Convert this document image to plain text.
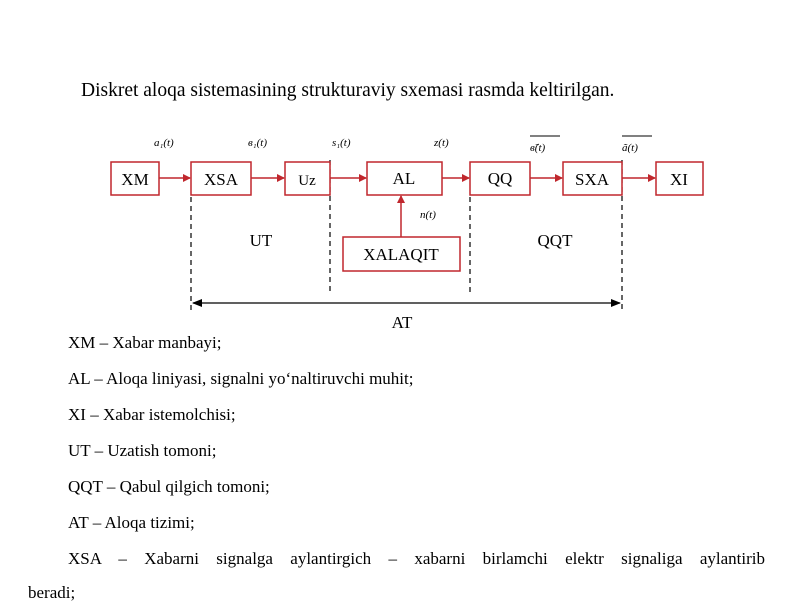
Diskret aloqa sistemasining strukturaviy sxemasi rasmda keltirilgan.
a₁(t)	в₁(t)	s₁(t)	z(t)	в̃(t)	ã(t)
n(t)
XM	XSA	Uz	AL	QQ	SXA	XI
XALAQIT
UT	QQT
AT
XM – Xabar manbayi;
AL – Aloqa liniyasi, signalni yo‘naltiruvchi muhit;
XI – Xabar istemolchisi;
UT – Uzatish tomoni;
QQT – Qabul qilgich tomoni;
AT – Aloqa tizimi;
XSA – Xabarni signalga aylantirgich – xabarni birlamchi elektr signaliga aylantirib
beradi;
